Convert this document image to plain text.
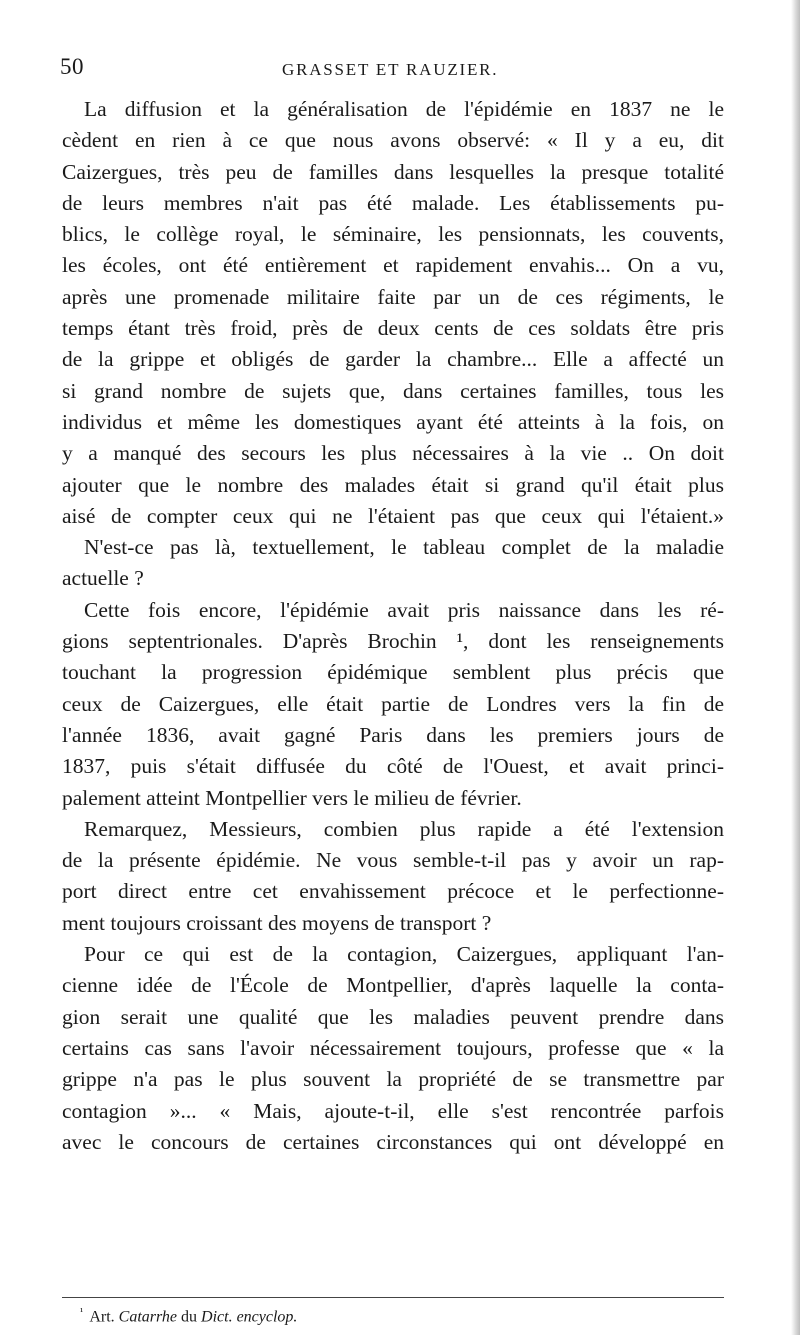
50	GRASSET ET RAUZIER.
La diffusion et la généralisation de l'épidémie en 1837 ne le
cèdent en rien à ce que nous avons observé: « Il y a eu, dit
Caizergues, très peu de familles dans lesquelles la presque totalité
de leurs membres n'ait pas été malade. Les établissements pu-
blics, le collège royal, le séminaire, les pensionnats, les couvents,
les écoles, ont été entièrement et rapidement envahis... On a vu,
après une promenade militaire faite par un de ces régiments, le
temps étant très froid, près de deux cents de ces soldats être pris
de la grippe et obligés de garder la chambre... Elle a affecté un
si grand nombre de sujets que, dans certaines familles, tous les
individus et même les domestiques ayant été atteints à la fois, on
y a manqué des secours les plus nécessaires à la vie .. On doit
ajouter que le nombre des malades était si grand qu'il était plus
aisé de compter ceux qui ne l'étaient pas que ceux qui l'étaient.»
N'est-ce pas là, textuellement, le tableau complet de la maladie
actuelle ?
Cette fois encore, l'épidémie avait pris naissance dans les ré-
gions septentrionales. D'après Brochin ¹, dont les renseignements
touchant la progression épidémique semblent plus précis que
ceux de Caizergues, elle était partie de Londres vers la fin de
l'année 1836, avait gagné Paris dans les premiers jours de
1837, puis s'était diffusée du côté de l'Ouest, et avait princi-
palement atteint Montpellier vers le milieu de février.
Remarquez, Messieurs, combien plus rapide a été l'extension
de la présente épidémie. Ne vous semble-t-il pas y avoir un rap-
port direct entre cet envahissement précoce et le perfectionne-
ment toujours croissant des moyens de transport ?
Pour ce qui est de la contagion, Caizergues, appliquant l'an-
cienne idée de l'École de Montpellier, d'après laquelle la conta-
gion serait une qualité que les maladies peuvent prendre dans
certains cas sans l'avoir nécessairement toujours, professe que « la
grippe n'a pas le plus souvent la propriété de se transmettre par
contagion »... « Mais, ajoute-t-il, elle s'est rencontrée parfois
avec le concours de certaines circonstances qui ont développé en
$^{^1}$ Art. Catarrhe du Dict. encyclop.
